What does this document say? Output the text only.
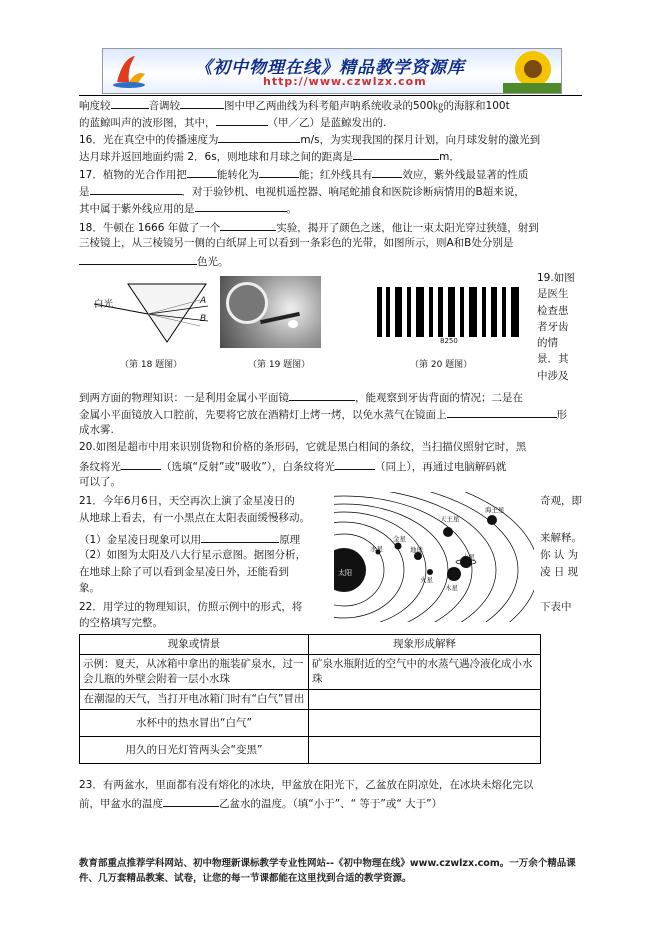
《初中物理在线》精品教学资源库
http://www.czwlzx.com
响度较	音调较	图中甲乙两曲线为科考船声呐系统收录的500㎏的海豚和100t
的蓝鲸叫声的波形图，其中，	（甲／乙）是蓝鲸发出的.
16．光在真空中的传播速度为	m/s，为实现我国的探月计划，向月球发射的激光到
达月球并返回地面约需 2．6s，则地球和月球之间的距离是	m．
17．植物的光合作用把	能转化为	能；红外线具有	效应，紫外线最显著的性质
是	．对于验钞机、电视机遥控器、响尾蛇捕食和医院诊断病情用的B超来说，
其中属于紫外线应用的是	。
18．牛顿在 1666 年做了一个	实验，揭开了颜色之迷，他让一束太阳光穿过狭缝，射到
三棱镜上，从三棱镜另一侧的白纸屏上可以看到一条彩色的光带，如图所示，则A和B处分别是
色光。
白光	A
B
（第 18 题图）	（第 19 题图）
8250
（第 20 题图）
19.如图
是医生
检查患
者牙齿
的情
景．其
中涉及
到两方面的物理知识：一是利用金属小平面镜	，能观察到牙齿背面的情况；二是在
金属小平面镜放入口腔前，先要将它放在酒精灯上烤一烤，以免水蒸气在镜面上	形
成水雾.
20.如图是超市中用来识别货物和价格的条形码，它就是黑白相间的条纹，当扫描仪照射它时，黑
条纹将光	（选填“反射”或“吸收”），白条纹将光	（同上），再通过电脑解码就
可以了。
21．今年6月6日，天空再次上演了金星凌日的
从地球上看去，有一小黑点在太阳表面缓慢移动。
（1）金星凌日现象可以用	原理
（2）如图为太阳及八大行星示意图。据图分析，
在地球上除了可以看到金星凌日外，还能看到
象。
奇观，即
来解释。
你 认 为
凌 日 现
太阳
水星
金星
地球
火星
木星
土星
天王星
海王星
22．用学过的物理知识，仿照示例中的形式，将	下表中
的空格填写完整。
现象或情景	现象形成解释
示例：夏天，从冰箱中拿出的瓶装矿泉水，过一会儿瓶的外壁会附着一层小水珠	矿泉水瓶附近的空气中的水蒸气遇冷液化成小水珠
在潮湿的天气，当打开电冰箱门时有“白气”冒出	
水杯中的热水冒出“白气”	
用久的日光灯管两头会“变黑”	
23．有两盆水，里面都有没有熔化的冰块，甲盆放在阳光下，乙盆放在阴凉处，在冰块未熔化完以
前，甲盆水的温度	乙盆水的温度。（填“小于”、“ 等于”或“ 大于”）
教育部重点推荐学科网站、初中物理新课标教学专业性网站--《初中物理在线》www.czwlzx.com。一万余个精品课件、几万套精品教案、试卷，让您的每一节课都能在这里找到合适的教学资源。
